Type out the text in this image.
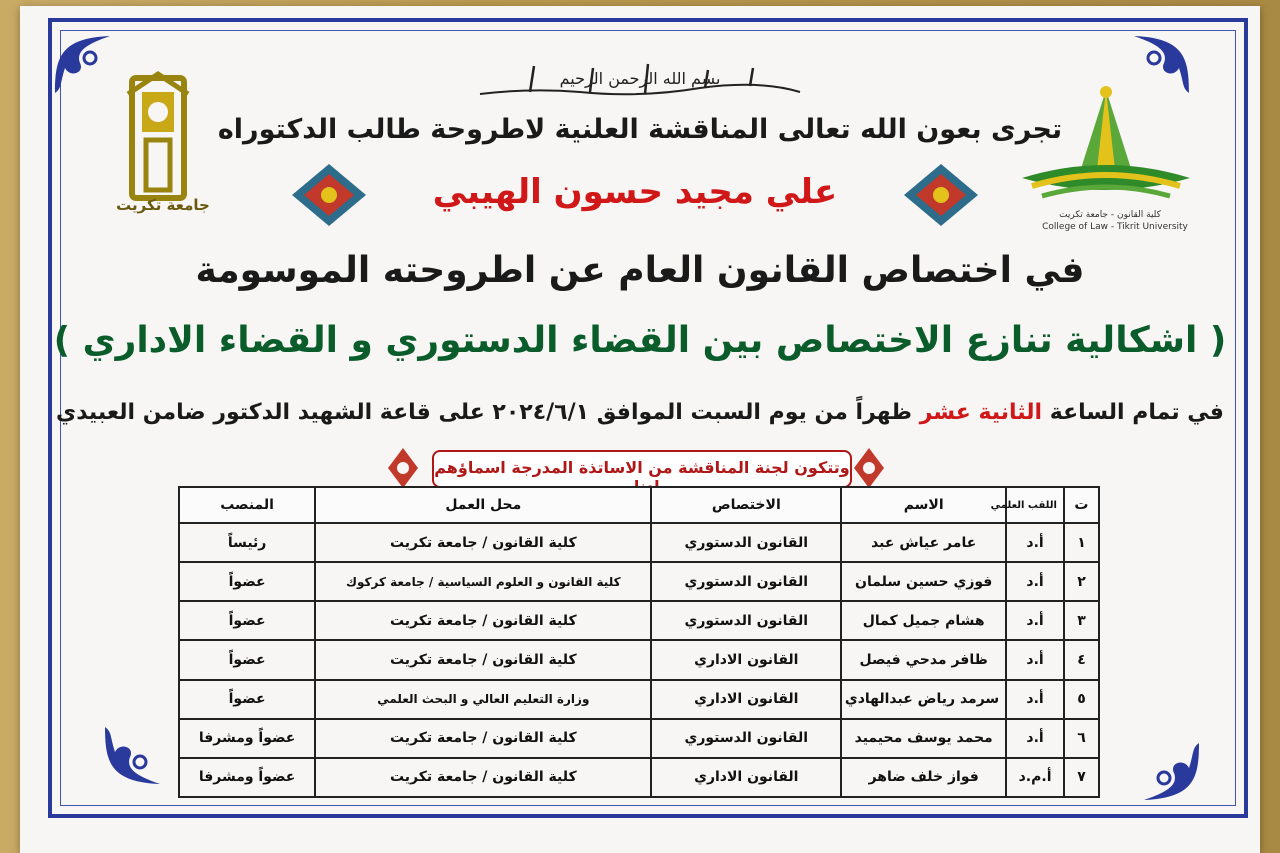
بسم الله الرحمن الرحيم
جامعة تكريت
كلية القانون - جامعة تكريت
College of Law - Tikrit University
تجرى بعون الله تعالى المناقشة العلنية لاطروحة طالب الدكتوراه
علي مجيد حسون الهيبي
في اختصاص القانون العام عن اطروحته الموسومة
( اشكالية تنازع الاختصاص بين القضاء الدستوري و القضاء الاداري )
في تمام الساعة الثانية عشر ظهراً من يوم السبت الموافق ٢٠٢٤/٦/١ على قاعة الشهيد الدكتور ضامن العبيدي
وتتكون لجنة المناقشة من الاساتذة المدرجة اسماؤهم
ت	اللقب العلمي	الاسم	الاختصاص	محل العمل	المنصب
١	أ.د	عامر عياش عبد	القانون الدستوري	كلية القانون / جامعة تكريت	رئيساً
٢	أ.د	فوزي حسين سلمان	القانون الدستوري	كلية القانون و العلوم السياسية / جامعة كركوك	عضواً
٣	أ.د	هشام جميل كمال	القانون الدستوري	كلية القانون / جامعة تكريت	عضواً
٤	أ.د	ظافر مدحي فيصل	القانون الاداري	كلية القانون / جامعة تكريت	عضواً
٥	أ.د	سرمد رياض عبدالهادي	القانون الاداري	وزارة التعليم العالي و البحث العلمي	عضواً
٦	أ.د	محمد يوسف محيميد	القانون الدستوري	كلية القانون / جامعة تكريت	عضواً ومشرفا
٧	أ.م.د	فواز خلف ضاهر	القانون الاداري	كلية القانون / جامعة تكريت	عضواً ومشرفا
